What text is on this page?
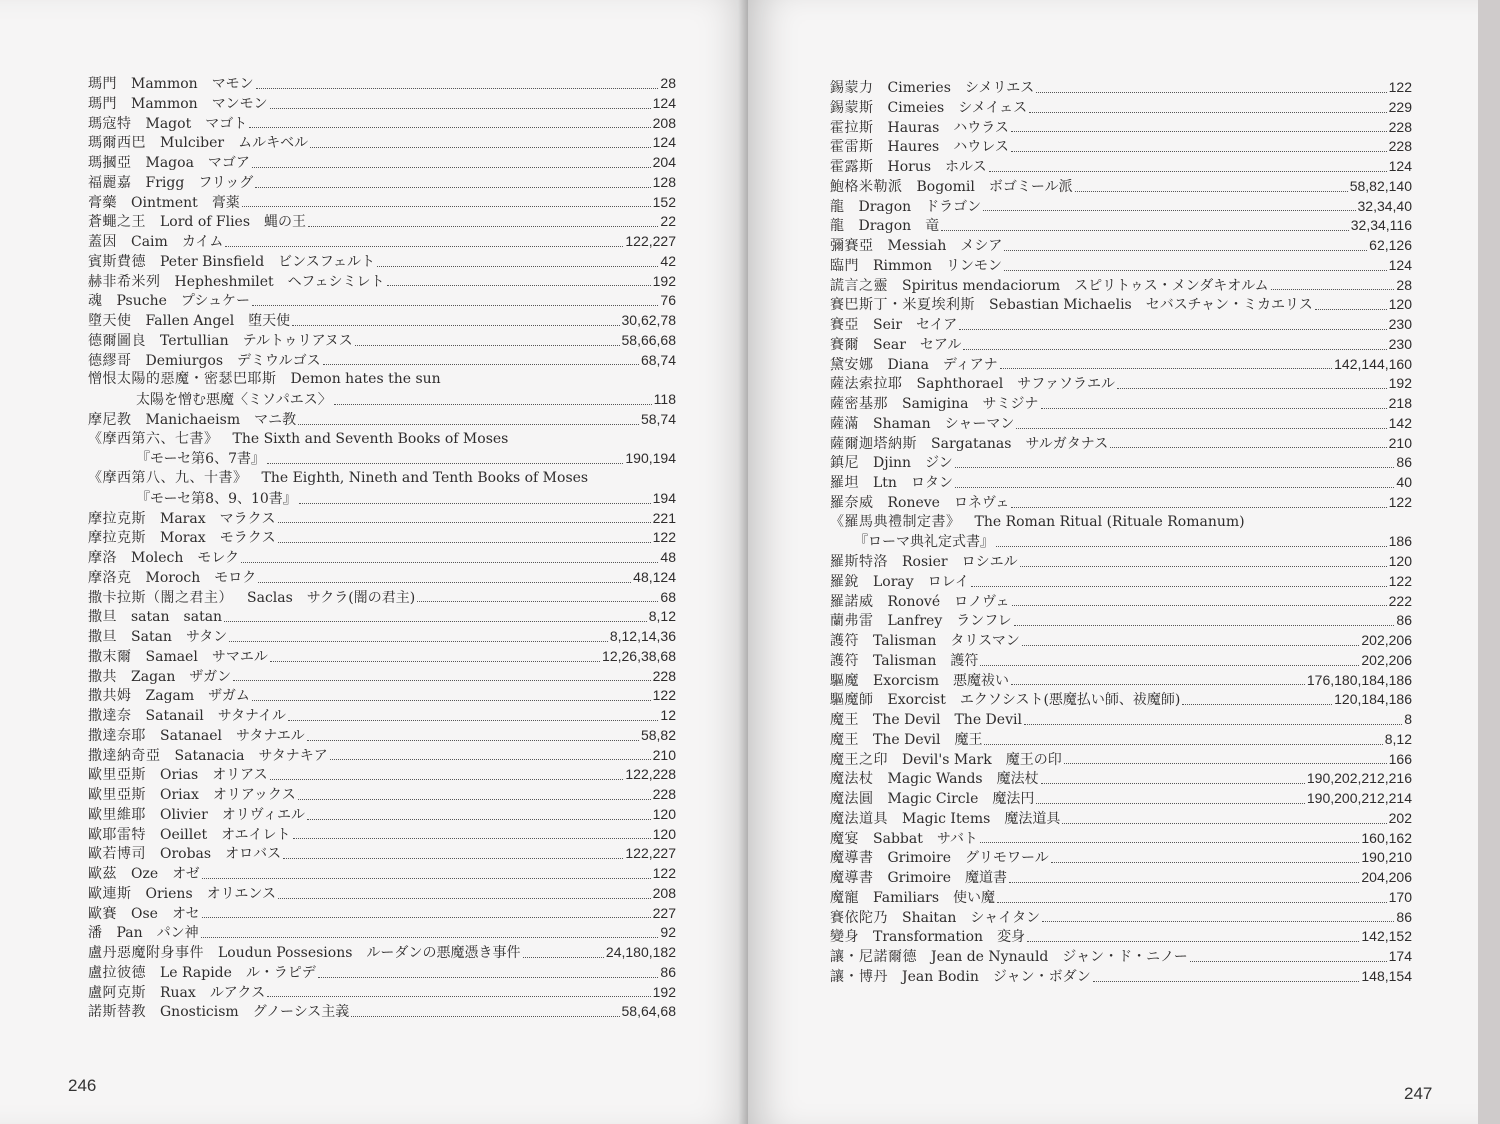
瑪門 Mammon マモン	28
瑪門 Mammon マンモン	124
瑪寇特 Magot マゴト	208
瑪爾西巴 Mulciber ムルキベル	124
瑪摑亞 Magoa マゴア	204
福麗嘉 Frigg フリッグ	128
膏藥 Ointment 膏薬	152
蒼蠅之王 Lord of Flies 蝿の王	22
蓋因 Caim カイム	122,227
賓斯費德 Peter Binsfield ビンスフェルト	42
赫非希米列 Hepheshmilet ヘフェシミレト	192
魂 Psuche プシュケー	76
墮天使 Fallen Angel 堕天使	30,62,78
德爾圖良 Tertullian テルトゥリアヌス	58,66,68
德繆哥 Demiurgos デミウルゴス	68,74
憎恨太陽的惡魔・密瑟巴耶斯 Demon hates the sun
太陽を憎む悪魔〈ミソパエス〉	118
摩尼教 Manichaeism マニ教	58,74
《摩西第六、七書》 The Sixth and Seventh Books of Moses
『モーセ第6、7書』	190,194
《摩西第八、九、十書》 The Eighth, Nineth and Tenth Books of Moses
『モーセ第8、9、10書』	194
摩拉克斯 Marax マラクス	221
摩拉克斯 Morax モラクス	122
摩洛 Molech モレク	48
摩洛克 Moroch モロク	48,124
撒卡拉斯（闇之君主） Saclas サクラ(闇の君主)	68
撒旦 satan satan	8,12
撒旦 Satan サタン	8,12,14,36
撒末爾 Samael サマエル	12,26,38,68
撒共 Zagan ザガン	228
撒共姆 Zagam ザガム	122
撒達奈 Satanail サタナイル	12
撒達奈耶 Satanael サタナエル	58,82
撒達納奇亞 Satanacia サタナキア	210
歐里亞斯 Orias オリアス	122,228
歐里亞斯 Oriax オリアックス	228
歐里維耶 Olivier オリヴィエル	120
歐耶雷特 Oeillet オエイレト	120
歐若博司 Orobas オロバス	122,227
歐茲 Oze オゼ	122
歐連斯 Oriens オリエンス	208
歐賽 Ose オセ	227
潘 Pan パン神	92
盧丹惡魔附身事件 Loudun Possesions ルーダンの悪魔憑き事件	24,180,182
盧拉彼德 Le Rapide ル・ラピデ	86
盧阿克斯 Ruax ルアクス	192
諾斯替教 Gnosticism グノーシス主義	58,64,68
246
錫蒙力 Cimeries シメリエス	122
錫蒙斯 Cimeies シメイェス	229
霍拉斯 Hauras ハウラス	228
霍雷斯 Haures ハウレス	228
霍露斯 Horus ホルス	124
鮑格米勒派 Bogomil ボゴミール派	58,82,140
龍 Dragon ドラゴン	32,34,40
龍 Dragon 竜	32,34,116
彌賽亞 Messiah メシア	62,126
臨門 Rimmon リンモン	124
謊言之靈 Spiritus mendaciorum スピリトゥス・メンダキオルム	28
賽巴斯丁・米夏埃利斯 Sebastian Michaelis セバスチャン・ミカエリス	120
賽亞 Seir セイア	230
賽爾 Sear セアル	230
黛安娜 Diana ディアナ	142,144,160
薩法索拉耶 Saphthorael サファソラエル	192
薩密基那 Samigina サミジナ	218
薩滿 Shaman シャーマン	142
薩爾迦塔納斯 Sargatanas サルガタナス	210
鎮尼 Djinn ジン	86
羅坦 Ltn ロタン	40
羅奈威 Roneve ロネヴェ	122
《羅馬典禮制定書》 The Roman Ritual (Rituale Romanum)
『ローマ典礼定式書』	186
羅斯特洛 Rosier ロシエル	120
羅銳 Loray ロレイ	122
羅諾威 Ronové ロノヴェ	222
蘭弗雷 Lanfrey ランフレ	86
護符 Talisman タリスマン	202,206
護符 Talisman 護符	202,206
驅魔 Exorcism 悪魔祓い	176,180,184,186
驅魔師 Exorcist エクソシスト(悪魔払い師、祓魔師)	120,184,186
魔王 The Devil The Devil	8
魔王 The Devil 魔王	8,12
魔王之印 Devil's Mark 魔王の印	166
魔法杖 Magic Wands 魔法杖	190,202,212,216
魔法圓 Magic Circle 魔法円	190,200,212,214
魔法道具 Magic Items 魔法道具	202
魔宴 Sabbat サバト	160,162
魔導書 Grimoire グリモワール	190,210
魔導書 Grimoire 魔道書	204,206
魔寵 Familiars 使い魔	170
賽依陀乃 Shaitan シャイタン	86
變身 Transformation 変身	142,152
讓・尼諾爾德 Jean de Nynauld ジャン・ド・ニノー	174
讓・博丹 Jean Bodin ジャン・ボダン	148,154
247
